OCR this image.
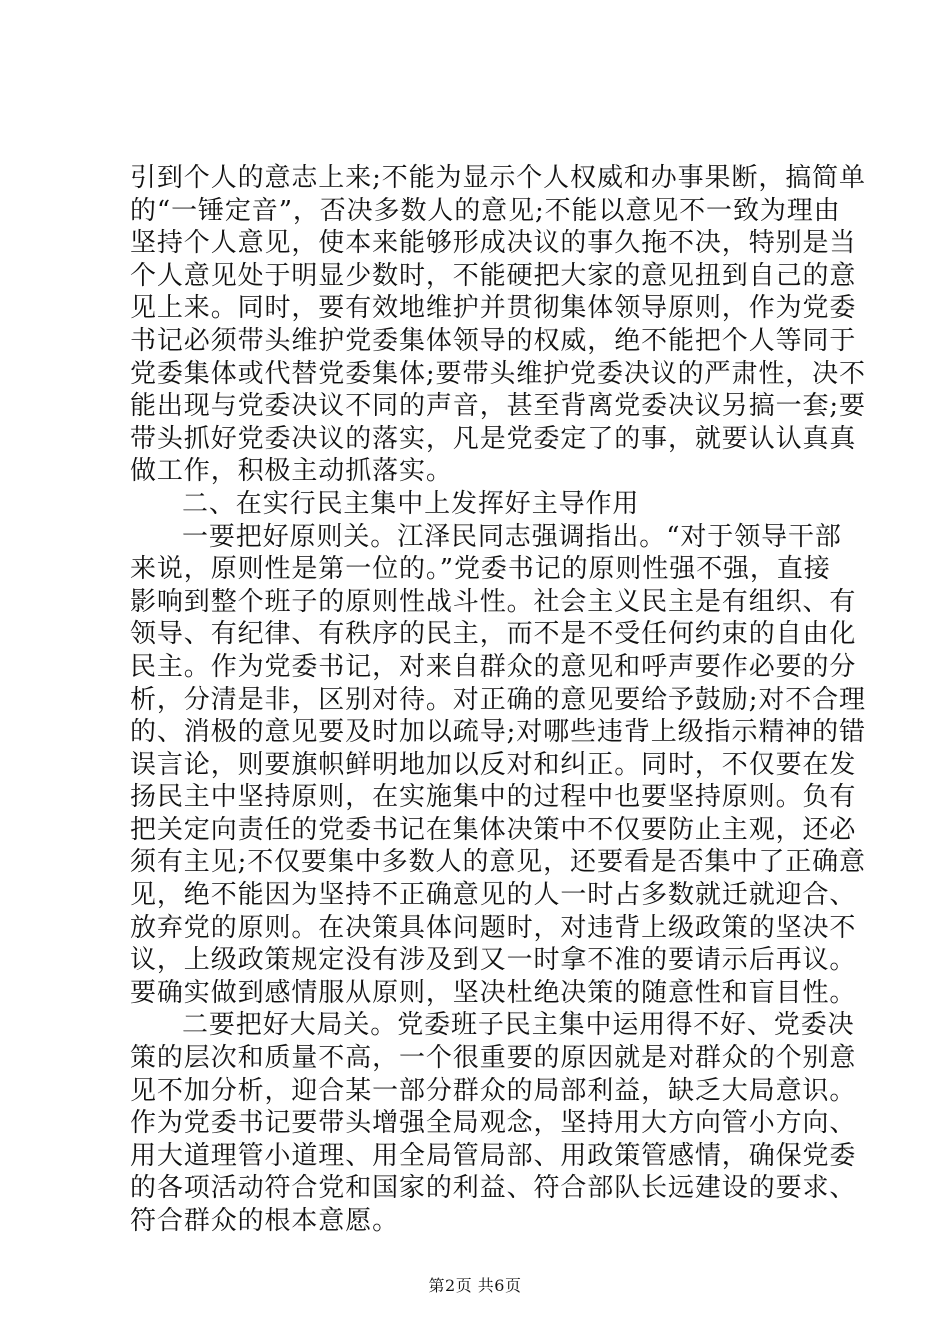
引到个人的意志上来;不能为显示个人权威和办事果断，搞简单
的“一锤定音”，否决多数人的意见;不能以意见不一致为理由
坚持个人意见，使本来能够形成决议的事久拖不决，特别是当
个人意见处于明显少数时，不能硬把大家的意见扭到自己的意
见上来。同时，要有效地维护并贯彻集体领导原则，作为党委
书记必须带头维护党委集体领导的权威，绝不能把个人等同于
党委集体或代替党委集体;要带头维护党委决议的严肃性，决不
能出现与党委决议不同的声音，甚至背离党委决议另搞一套;要
带头抓好党委决议的落实，凡是党委定了的事，就要认认真真
做工作，积极主动抓落实。
二、在实行民主集中上发挥好主导作用
一要把好原则关。江泽民同志强调指出。“对于领导干部
来说，原则性是第一位的。”党委书记的原则性强不强，直接
影响到整个班子的原则性战斗性。社会主义民主是有组织、有
领导、有纪律、有秩序的民主，而不是不受任何约束的自由化
民主。作为党委书记，对来自群众的意见和呼声要作必要的分
析，分清是非，区别对待。对正确的意见要给予鼓励;对不合理
的、消极的意见要及时加以疏导;对哪些违背上级指示精神的错
误言论，则要旗帜鲜明地加以反对和纠正。同时，不仅要在发
扬民主中坚持原则，在实施集中的过程中也要坚持原则。负有
把关定向责任的党委书记在集体决策中不仅要防止主观，还必
须有主见;不仅要集中多数人的意见，还要看是否集中了正确意
见，绝不能因为坚持不正确意见的人一时占多数就迁就迎合、
放弃党的原则。在决策具体问题时，对违背上级政策的坚决不
议，上级政策规定没有涉及到又一时拿不准的要请示后再议。
要确实做到感情服从原则，坚决杜绝决策的随意性和盲目性。
二要把好大局关。党委班子民主集中运用得不好、党委决
策的层次和质量不高，一个很重要的原因就是对群众的个别意
见不加分析，迎合某一部分群众的局部利益，缺乏大局意识。
作为党委书记要带头增强全局观念，坚持用大方向管小方向、
用大道理管小道理、用全局管局部、用政策管感情，确保党委
的各项活动符合党和国家的利益、符合部队长远建设的要求、
符合群众的根本意愿。
第2页 共6页
